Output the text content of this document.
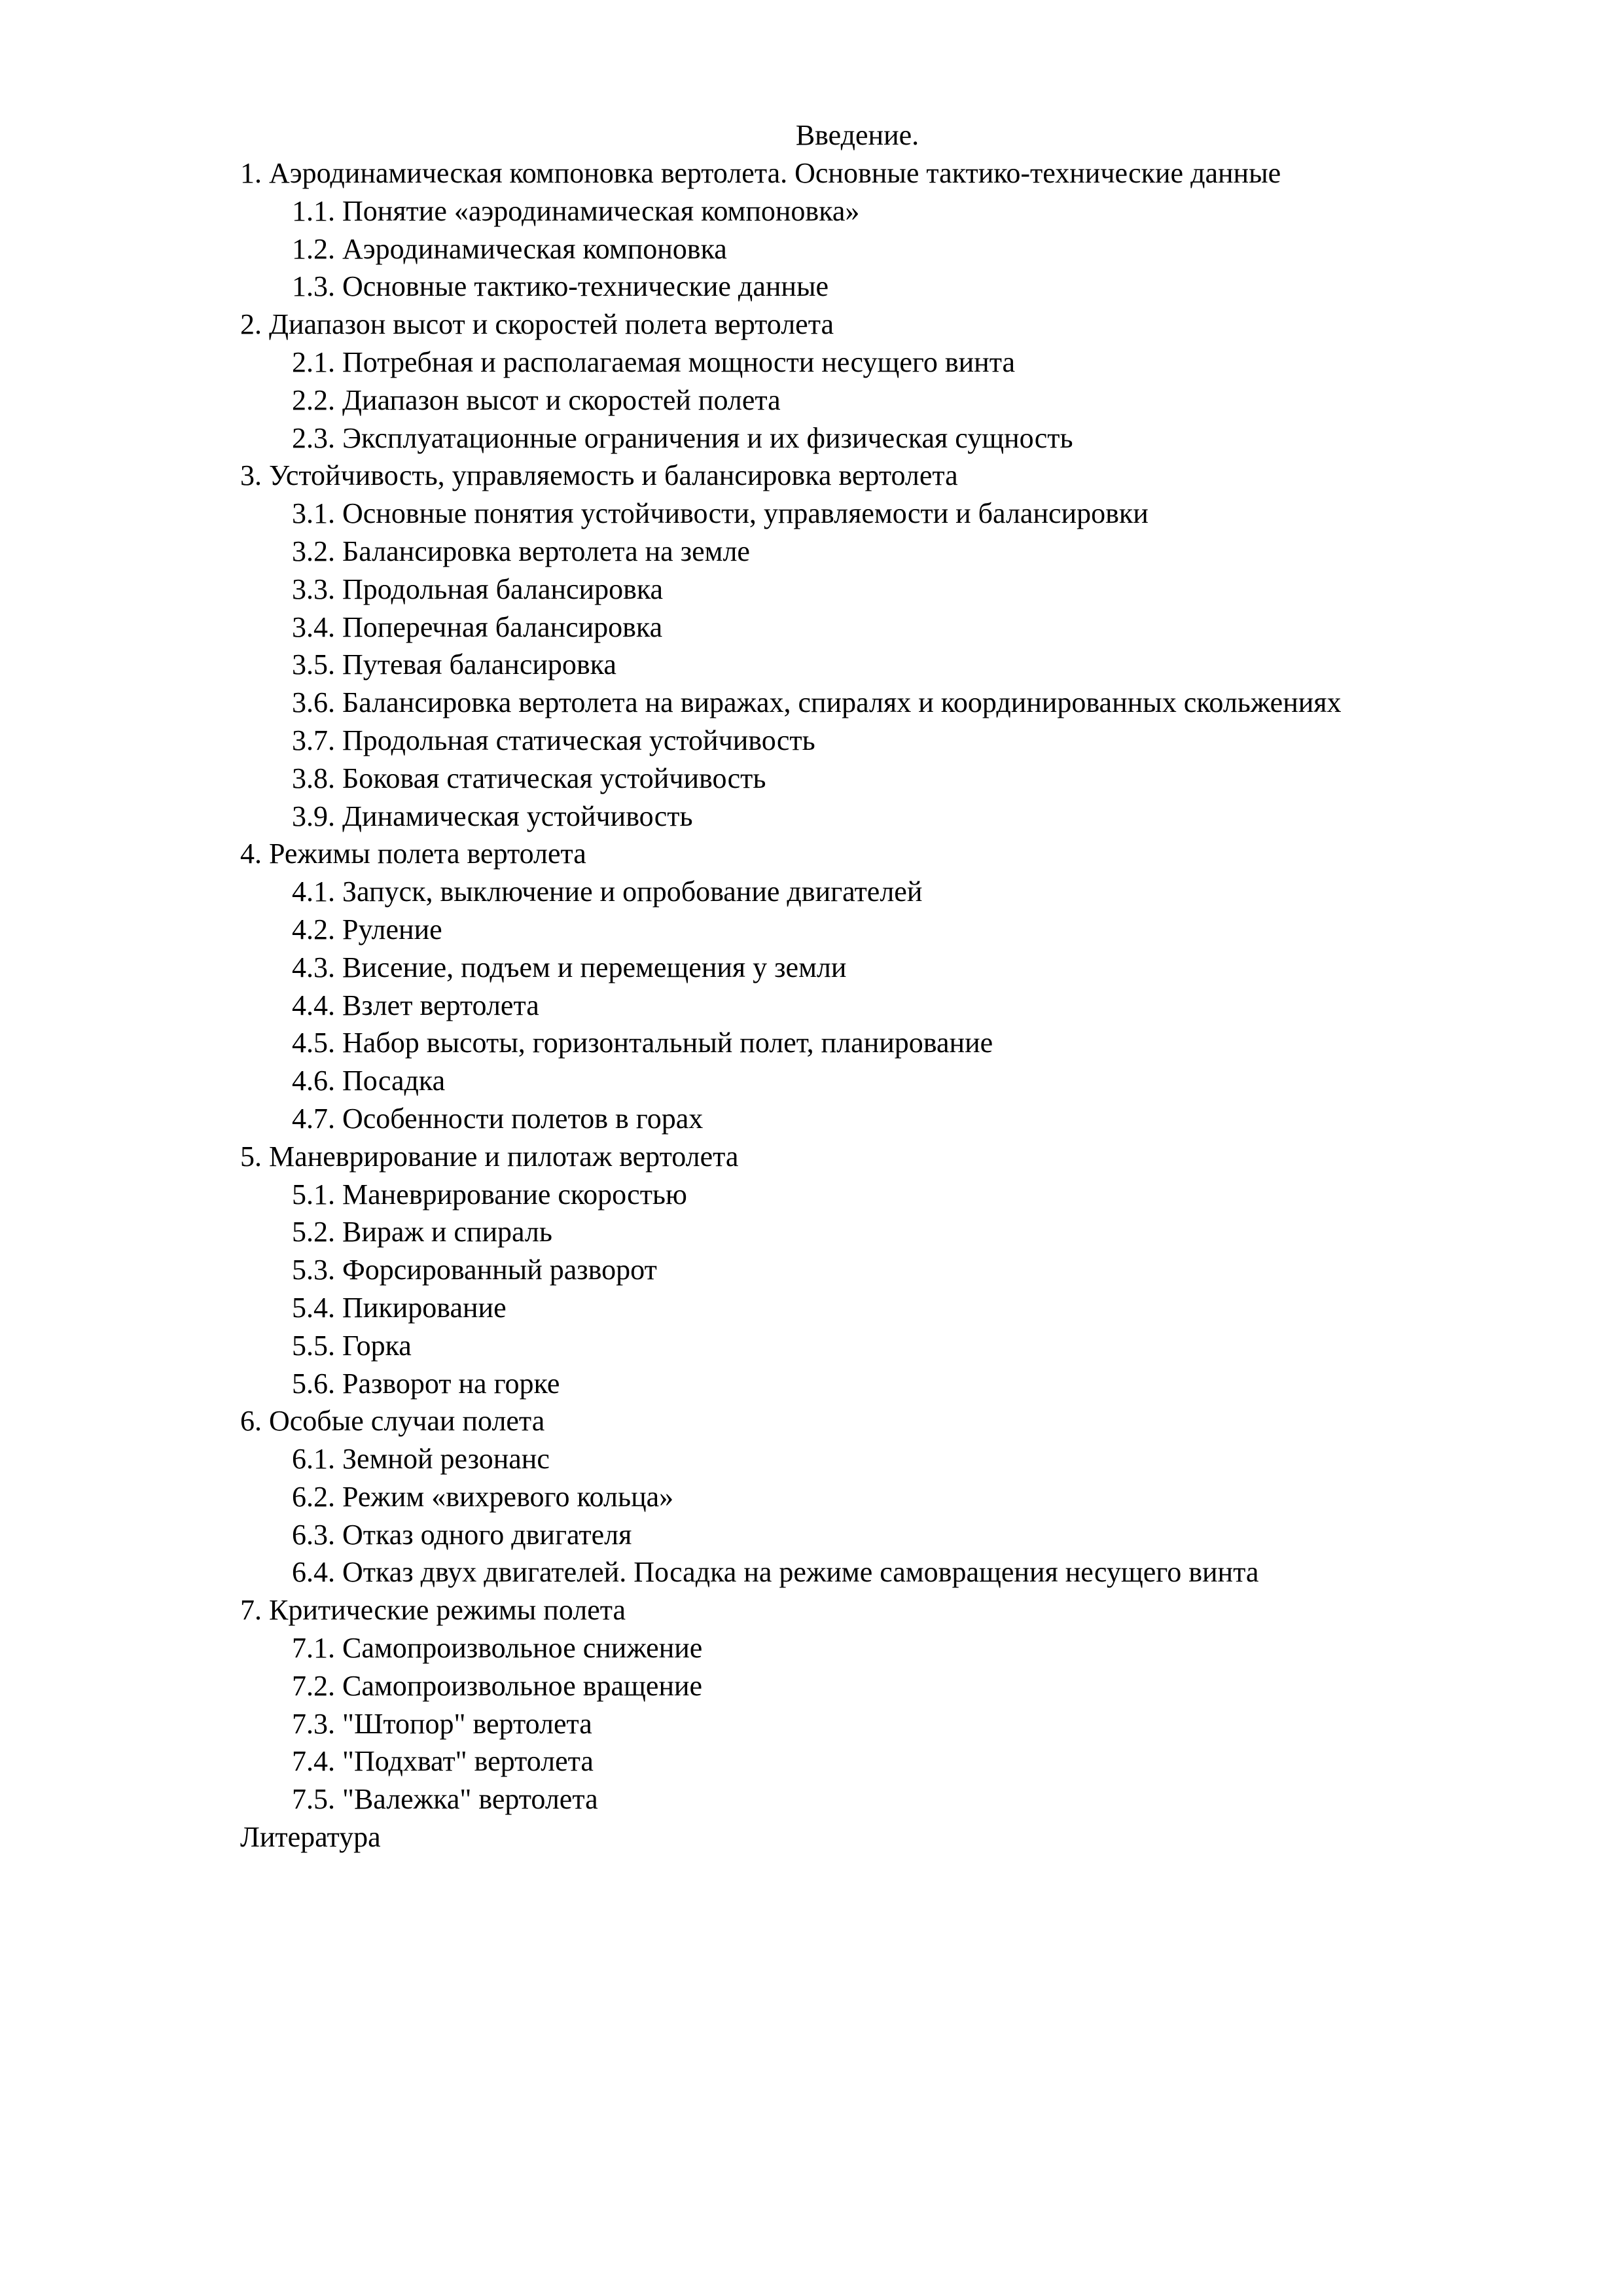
Введение.
1. Аэродинамическая компоновка вертолета. Основные тактико-технические данные
1.1. Понятие «аэродинамическая компоновка»
1.2. Аэродинамическая компоновка
1.3. Основные тактико-технические данные
2. Диапазон высот и скоростей полета вертолета
2.1. Потребная и располагаемая мощности несущего винта
2.2. Диапазон высот и скоростей полета
2.3. Эксплуатационные ограничения и их физическая сущность
3. Устойчивость, управляемость и балансировка вертолета
3.1. Основные понятия устойчивости, управляемости и балансировки
3.2. Балансировка вертолета на земле
3.3. Продольная балансировка
3.4. Поперечная балансировка
3.5. Путевая балансировка
3.6. Балансировка вертолета на виражах, спиралях и координированных скольжениях
3.7. Продольная статическая устойчивость
3.8. Боковая статическая устойчивость
3.9. Динамическая устойчивость
4. Режимы полета вертолета
4.1. Запуск, выключение и опробование двигателей
4.2. Руление
4.3. Висение, подъем и перемещения у земли
4.4. Взлет вертолета
4.5. Набор высоты, горизонтальный полет, планирование
4.6. Посадка
4.7. Особенности полетов в горах
5. Маневрирование и пилотаж вертолета
5.1. Маневрирование скоростью
5.2. Вираж и спираль
5.3. Форсированный разворот
5.4. Пикирование
5.5. Горка
5.6. Разворот на горке
6. Особые случаи полета
6.1. Земной резонанс
6.2. Режим «вихревого кольца»
6.3. Отказ одного двигателя
6.4. Отказ двух двигателей. Посадка на режиме самовращения несущего винта
7. Критические режимы полета
7.1. Самопроизвольное снижение
7.2. Самопроизвольное вращение
7.3. "Штопор" вертолета
7.4. "Подхват" вертолета
7.5. "Валежка" вертолета
Литература
